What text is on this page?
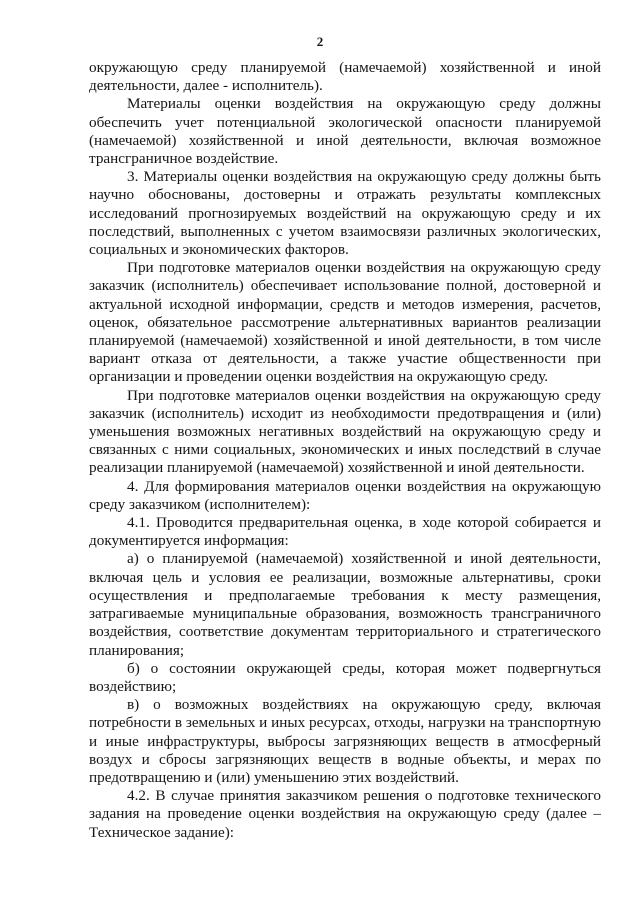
2

окружающую среду планируемой (намечаемой) хозяйственной и иной деятельности, далее - исполнитель).

Материалы оценки воздействия на окружающую среду должны обеспечить учет потенциальной экологической опасности планируемой (намечаемой) хозяйственной и иной деятельности, включая возможное трансграничное воздействие.

3. Материалы оценки воздействия на окружающую среду должны быть научно обоснованы, достоверны и отражать результаты комплексных исследований прогнозируемых воздействий на окружающую среду и их последствий, выполненных с учетом взаимосвязи различных экологических, социальных и экономических факторов.

При подготовке материалов оценки воздействия на окружающую среду заказчик (исполнитель) обеспечивает использование полной, достоверной и актуальной исходной информации, средств и методов измерения, расчетов, оценок, обязательное рассмотрение альтернативных вариантов реализации планируемой (намечаемой) хозяйственной и иной деятельности, в том числе вариант отказа от деятельности, а также участие общественности при организации и проведении оценки воздействия на окружающую среду.

При подготовке материалов оценки воздействия на окружающую среду заказчик (исполнитель) исходит из необходимости предотвращения и (или) уменьшения возможных негативных воздействий на окружающую среду и связанных с ними социальных, экономических и иных последствий в случае реализации планируемой (намечаемой) хозяйственной и иной деятельности.

4. Для формирования материалов оценки воздействия на окружающую среду заказчиком (исполнителем):

4.1. Проводится предварительная оценка, в ходе которой собирается и документируется информация:

а) о планируемой (намечаемой) хозяйственной и иной деятельности, включая цель и условия ее реализации, возможные альтернативы, сроки осуществления и предполагаемые требования к месту размещения, затрагиваемые муниципальные образования, возможность трансграничного воздействия, соответствие документам территориального и стратегического планирования;

б) о состоянии окружающей среды, которая может подвергнуться воздействию;

в) о возможных воздействиях на окружающую среду, включая потребности в земельных и иных ресурсах, отходы, нагрузки на транспортную и иные инфраструктуры, выбросы загрязняющих веществ в атмосферный воздух и сбросы загрязняющих веществ в водные объекты, и мерах по предотвращению и (или) уменьшению этих воздействий.

4.2. В случае принятия заказчиком решения о подготовке технического задания на проведение оценки воздействия на окружающую среду (далее – Техническое задание):
